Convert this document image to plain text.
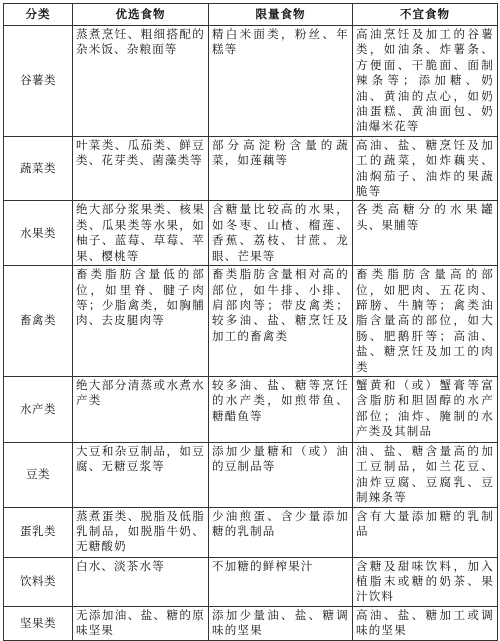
分类	优选食物	限量食物	不宜食物
谷薯类	蒸煮烹饪、粗细搭配的杂米饭、杂粮面等	精白米面类，粉丝、年糕等	高油烹饪及加工的谷薯类，如油条、炸薯条、方便面、干脆面、面制辣条等；添加糖、奶油、黄油的点心，如奶油蛋糕、黄油面包、奶油爆米花等
蔬菜类	叶菜类、瓜茄类、鲜豆类、花芽类、菌藻类等	部分高淀粉含量的蔬菜，如莲藕等	高油、盐、糖烹饪及加工的蔬菜，如炸藕夹、油焖茄子、油炸的果蔬脆等
水果类	绝大部分浆果类、核果类、瓜果类等水果，如柚子、蓝莓、草莓、苹果、樱桃等	含糖量比较高的水果，如冬枣、山楂、榴莲、香蕉、荔枝、甘蔗、龙眼、芒果等	各类高糖分的水果罐头、果脯等
畜禽类	畜类脂肪含量低的部位，如里脊、腱子肉等；少脂禽类，如胸脯肉、去皮腿肉等	畜类脂肪含量相对高的部位，如牛排、小排、肩部肉等；带皮禽类；较多油、盐、糖烹饪及加工的畜禽类	畜类脂肪含量高的部位，如肥肉、五花肉、蹄膀、牛腩等；禽类油脂含量高的部位，如大肠、肥鹅肝等；高油、盐、糖烹饪及加工的肉类
水产类	绝大部分清蒸或水煮水产类	较多油、盐、糖等烹饪的水产类，如煎带鱼、糖醋鱼等	蟹黄和（或）蟹膏等富含脂肪和胆固醇的水产部位；油炸、腌制的水产类及其制品
豆类	大豆和杂豆制品，如豆腐、无糖豆浆等	添加少量糖和（或）油的豆制品等	油、盐、糖含量高的加工豆制品，如兰花豆、油炸豆腐、豆腐乳、豆制辣条等
蛋乳类	蒸煮蛋类、脱脂及低脂乳制品，如脱脂牛奶、无糖酸奶	少油煎蛋、含少量添加糖的乳制品	含有大量添加糖的乳制品
饮料类	白水、淡茶水等	不加糖的鲜榨果汁	含糖及甜味饮料，加入植脂末或糖的奶茶、果汁饮料
坚果类	无添加油、盐、糖的原味坚果	添加少量油、盐、糖调味的坚果	高油、盐、糖加工或调味的坚果
